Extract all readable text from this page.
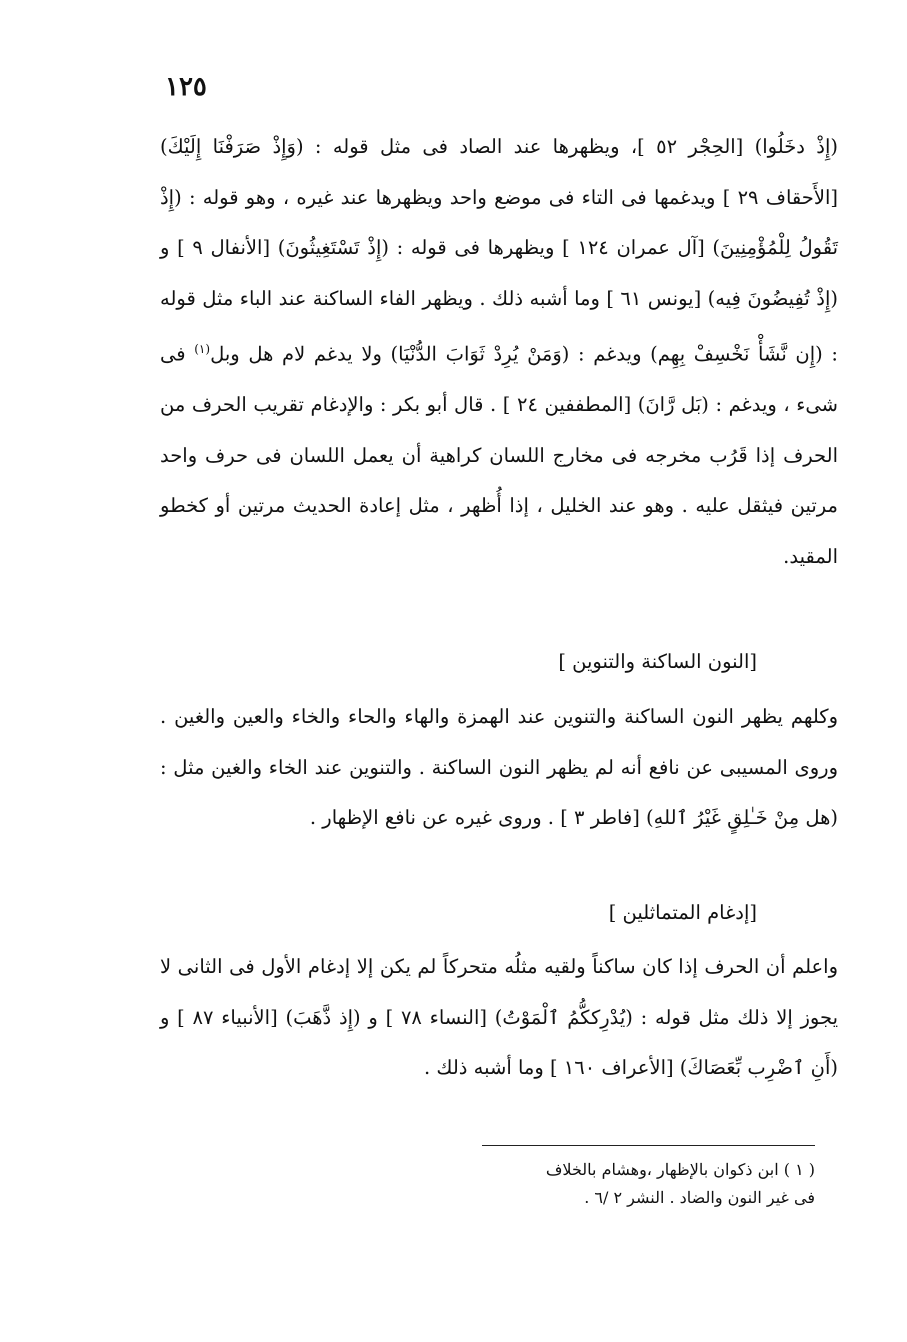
١٢٥

(إِذْ دخَلُوا) [الحِجْر ٥٢ ]، ويظهرها عند الصاد فى مثل قوله : (وَإِذْ صَرَفْنَا إِلَيْكَ) [الأَحقاف ٢٩ ] ويدغمها فى التاء فى موضع واحد ويظهرها عند غيره ، وهو قوله : (إِذْ تَقُولُ لِلْمُؤْمِنِينَ) [آل عمران ١٢٤ ] ويظهرها فى قوله : (إِذْ تَسْتَغِيثُونَ) [الأنفال ٩ ] و (إِذْ تُفِيضُونَ فِيه) [يونس ٦١ ] وما أشبه ذلك . ويظهر الفاء الساكنة عند الباء مثل قوله : (إِن نَّشَأْ نَخْسِفْ بِهِم) ويدغم : (وَمَنْ يُرِدْ ثَوَابَ الدُّنْيَا) ولا يدغم لام هل وبل$^{(١)}$ فى شىء ، ويدغم : (بَل رَّانَ) [المطففين ٢٤ ] . قال أبو بكر : والإدغام تقريب الحرف من الحرف إذا قَرُب مخرجه فى مخارج اللسان كراهية أن يعمل اللسان فى حرف واحد مرتين فيثقل عليه . وهو عند الخليل ، إذا أُظهر ، مثل إعادة الحديث مرتين أو كخطو المقيد.

[النون الساكنة والتنوين ]

وكلهم يظهر النون الساكنة والتنوين عند الهمزة والهاء والحاء والخاء والعين والغين . وروى المسيبى عن نافع أنه لم يظهر النون الساكنة . والتنوين عند الخاء والغين مثل : (هل مِنْ خَـٰلِقٍ غَيْرُ ٱللهِ) [فاطر ٣ ] . وروى غيره عن نافع الإظهار .

[إدغام المتماثلين ]

واعلم أن الحرف إذا كان ساكناً ولقيه مثلُه متحركاً لم يكن إلا إدغام الأول فى الثانى لا يجوز إلا ذلك مثل قوله : (يُدْرِككُّمُ ٱلْمَوْتُ) [النساء ٧٨ ] و (إِذ ذَّهَبَ) [الأنبياء ٨٧ ] و (أَنِ ٱضْرِب بِّعَصَاكَ) [الأعراف ١٦٠ ] وما أشبه ذلك .

( ١ ) ابن ذكوان بالإظهار ،وهشام بالخلاف
فى غير النون والضاد . النشر ٢ /٦ .
